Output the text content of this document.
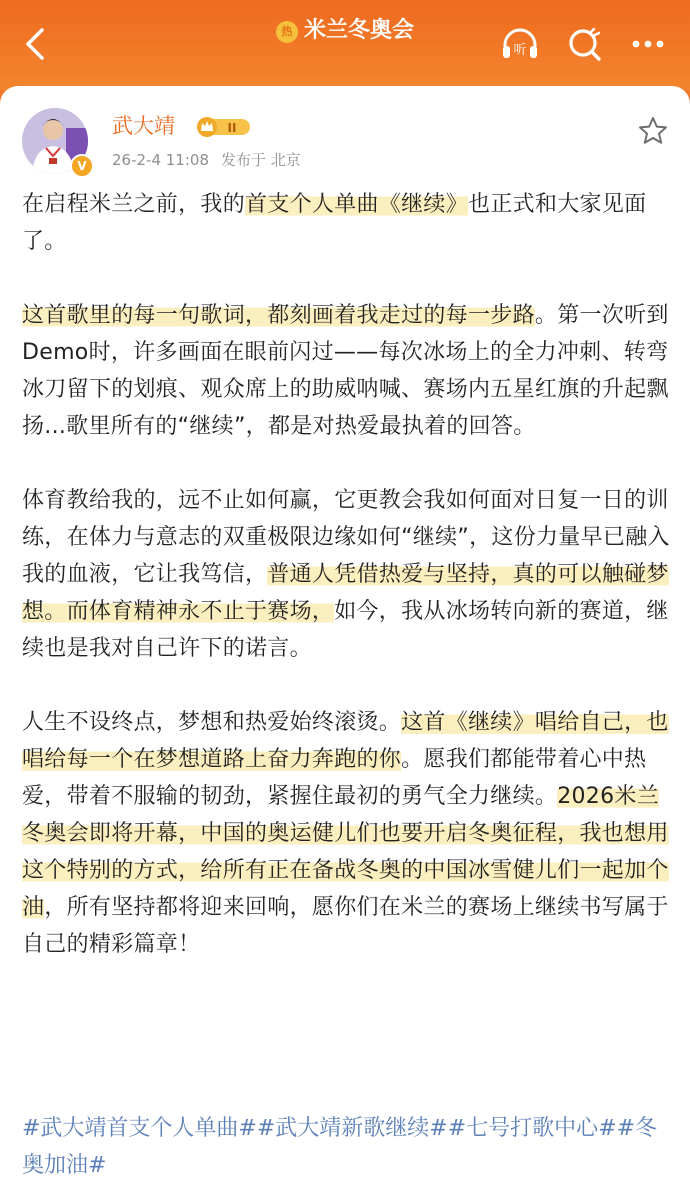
热 米兰冬奥会
听
V
武大靖	II
26-2-4 11:08 发布于 北京

在启程米兰之前，我的首支个人单曲《继续》也正式和大家见面了。

这首歌里的每一句歌词，都刻画着我走过的每一步路。第一次听到Demo时，许多画面在眼前闪过——每次冰场上的全力冲刺、转弯冰刀留下的划痕、观众席上的助威呐喊、赛场内五星红旗的升起飘扬...歌里所有的“继续”，都是对热爱最执着的回答。

体育教给我的，远不止如何赢，它更教会我如何面对日复一日的训练，在体力与意志的双重极限边缘如何“继续”，这份力量早已融入我的血液，它让我笃信，普通人凭借热爱与坚持，真的可以触碰梦想。而体育精神永不止于赛场，如今，我从冰场转向新的赛道，继续也是我对自己许下的诺言。

人生不设终点，梦想和热爱始终滚烫。这首《继续》唱给自己，也唱给每一个在梦想道路上奋力奔跑的你。愿我们都能带着心中热爱，带着不服输的韧劲，紧握住最初的勇气全力继续。2026米兰冬奥会即将开幕，中国的奥运健儿们也要开启冬奥征程，我也想用这个特别的方式，给所有正在备战冬奥的中国冰雪健儿们一起加个油，所有坚持都将迎来回响，愿你们在米兰的赛场上继续书写属于自己的精彩篇章！

#武大靖首支个人单曲##武大靖新歌继续##七号打歌中心##冬奥加油#
